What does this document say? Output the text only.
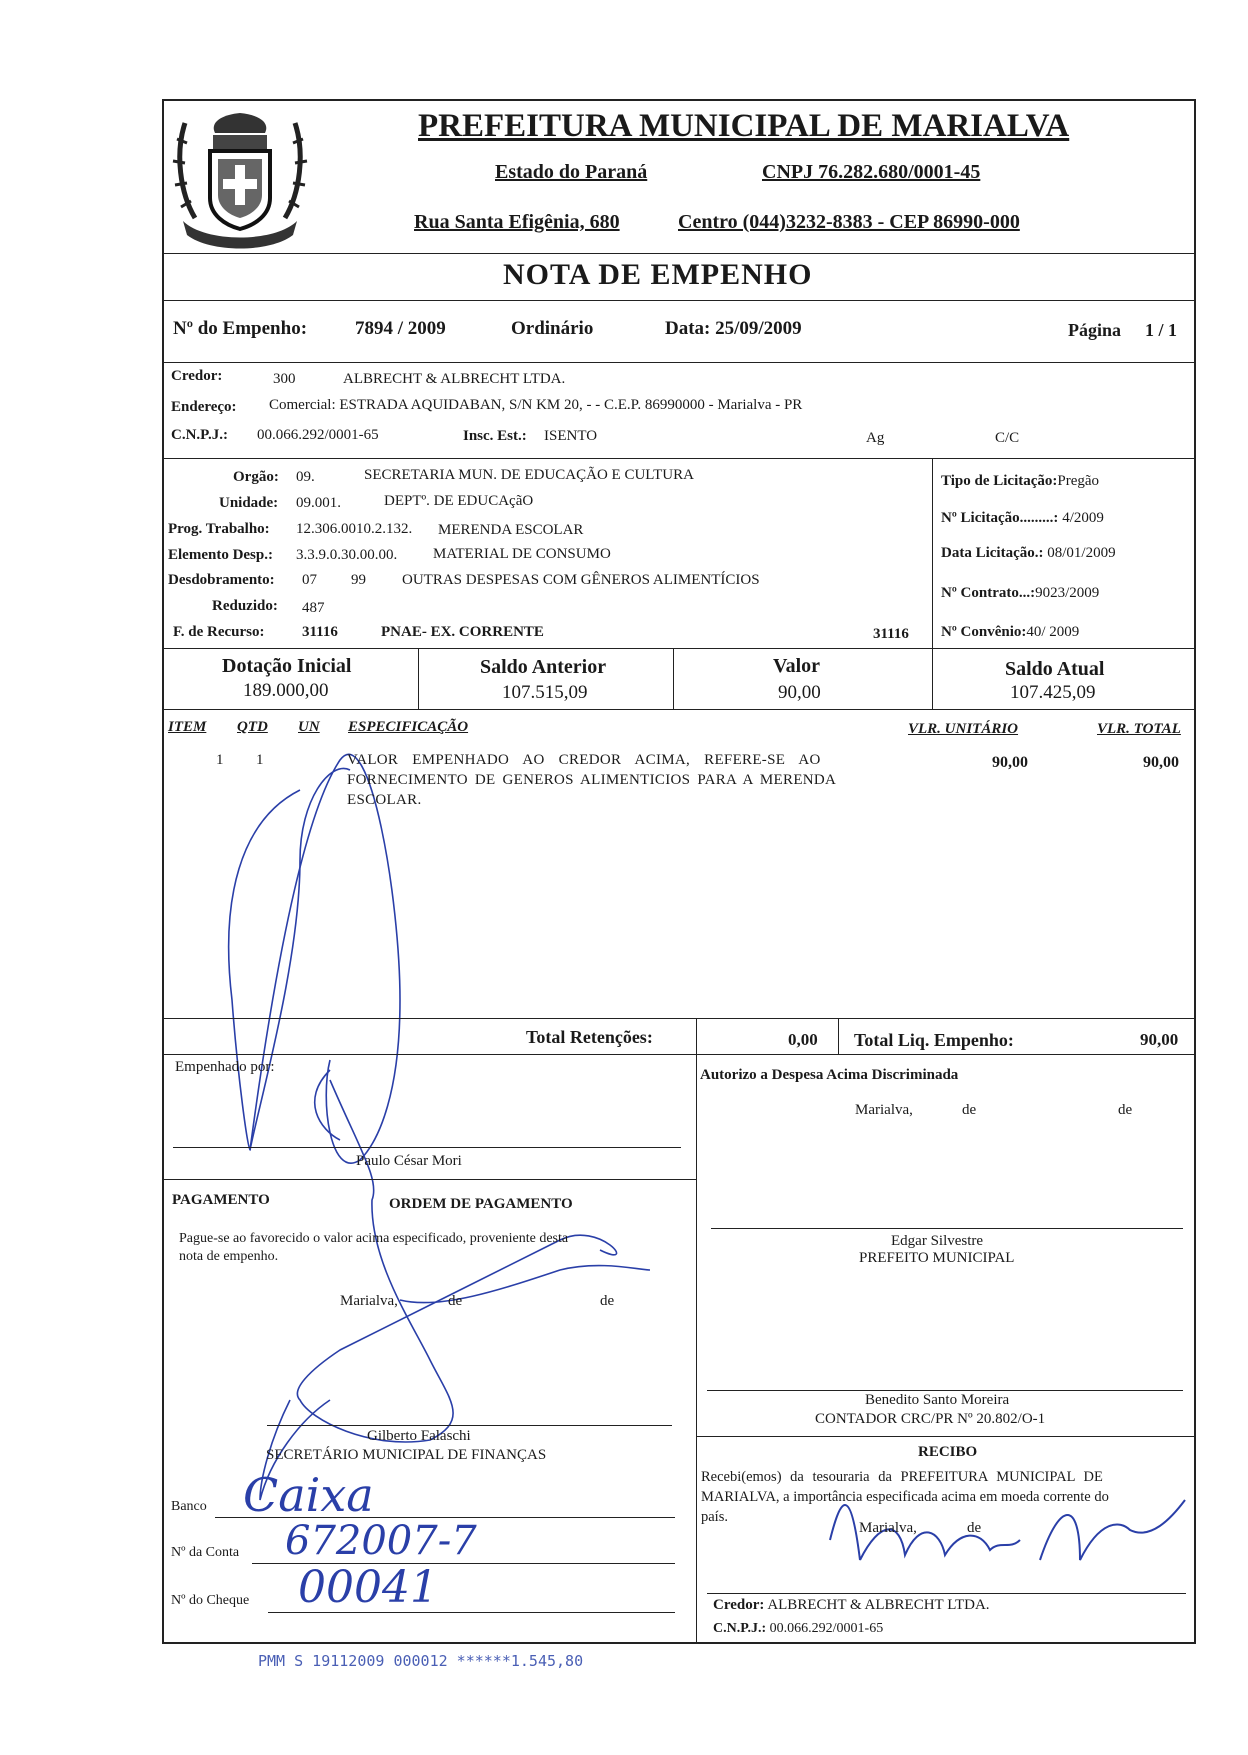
PREFEITURA MUNICIPAL DE MARIALVA
Estado do Paraná	CNPJ 76.282.680/0001-45
Rua Santa Efigênia, 680	Centro (044)3232-8383 - CEP 86990-000
NOTA DE EMPENHO
Nº do Empenho:	7894 / 2009	Ordinário	Data: 25/09/2009	Página 1 / 1
Credor:	300	ALBRECHT & ALBRECHT LTDA.
Endereço: Comercial: ESTRADA AQUIDABAN, S/N KM 20, - - C.E.P. 86990000 - Marialva - PR
C.N.P.J.: 00.066.292/0001-65	Insc. Est.: ISENTO	Ag	C/C
Orgão: 09.	SECRETARIA MUN. DE EDUCAÇÃO E CULTURA
Unidade: 09.001.	DEPTº. DE EDUCAçãO
Prog. Trabalho: 12.306.0010.2.132. MERENDA ESCOLAR
Elemento Desp.: 3.3.9.0.30.00.00. MATERIAL DE CONSUMO
Desdobramento: 07 99 OUTRAS DESPESAS COM GÊNEROS ALIMENTÍCIOS
Reduzido: 487
F. de Recurso: 31116	PNAE- EX. CORRENTE	31116
Tipo de Licitação:Pregão
Nº Licitação.........: 4/2009
Data Licitação.: 08/01/2009
Nº Contrato...:9023/2009
Nº Convênio:40/ 2009
Dotação Inicial
189.000,00
Saldo Anterior
107.515,09
Valor
90,00
Saldo Atual
107.425,09
ITEM QTD UN ESPECIFICAÇÃO	VLR. UNITÁRIO	VLR. TOTAL
1 1	VALOR EMPENHADO AO CREDOR ACIMA, REFERE-SE AO
FORNECIMENTO DE GENEROS ALIMENTICIOS PARA A MERENDA
ESCOLAR.
90,00	90,00
Total Retenções:	0,00 Total Liq. Empenho:	90,00
Empenhado por:
Paulo César Mori
Autorizo a Despesa Acima Discriminada
Marialva,	de	de
PAGAMENTO	ORDEM DE PAGAMENTO
Pague-se ao favorecido o valor acima especificado, proveniente desta
nota de empenho.
Marialva,	de	de
Edgar Silvestre
PREFEITO MUNICIPAL
Benedito Santo Moreira
CONTADOR CRC/PR Nº 20.802/O-1
Gilberto Falaschi
SECRETÁRIO MUNICIPAL DE FINANÇAS	RECIBO
Recebi(emos) da tesouraria da PREFEITURA MUNICIPAL DE
MARIALVA, a importância especificada acima em moeda corrente do
país.
Marialva,	de
Credor: ALBRECHT & ALBRECHT LTDA.
C.N.P.J.: 00.066.292/0001-65
Banco Caixa
Nº da Conta 672007-7
Nº do Cheque 00041
PMM S 19112009 000012 ******1.545,80
